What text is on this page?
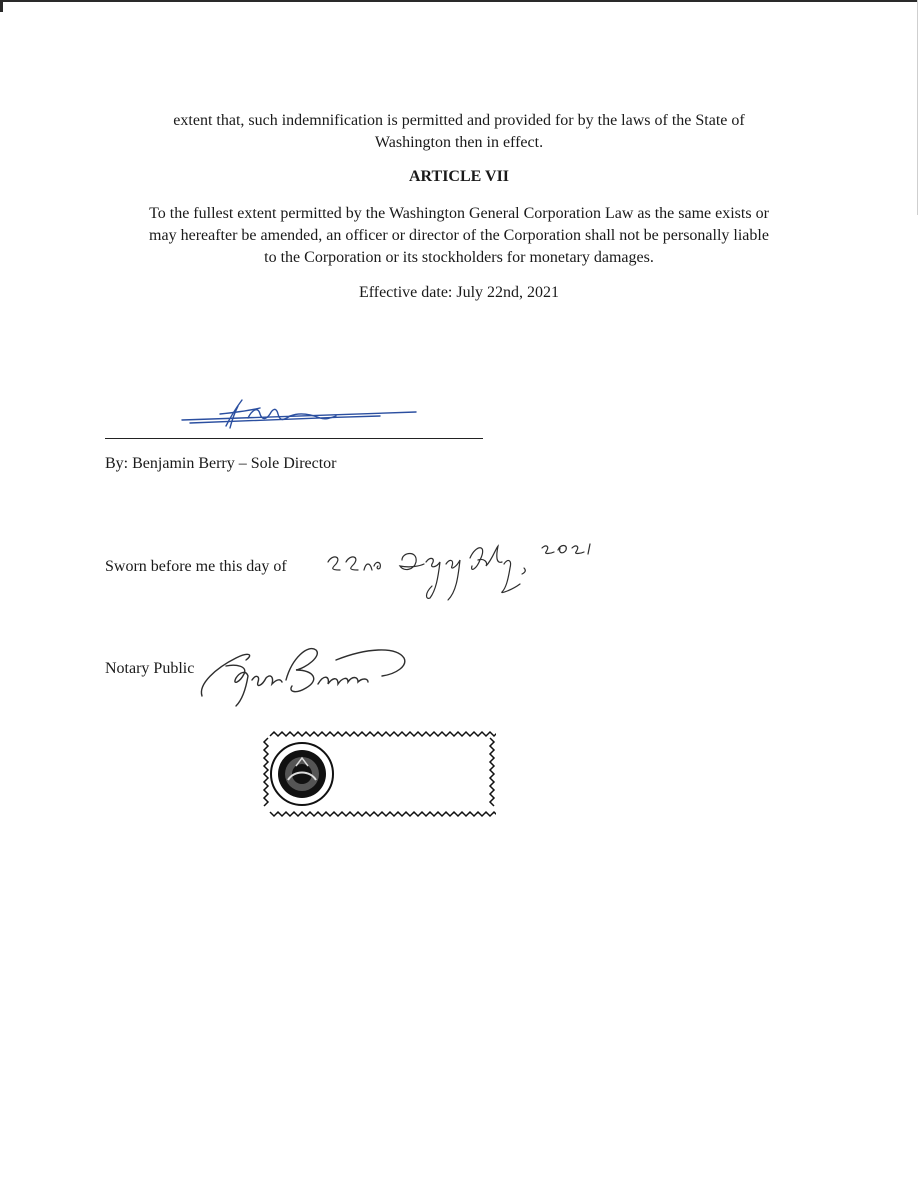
extent that, such indemnification is permitted and provided for by the laws of the State of
Washington then in effect.

ARTICLE VII

To the fullest extent permitted by the Washington General Corporation Law as the same exists or
may hereafter be amended, an officer or director of the Corporation shall not be personally liable
to the Corporation or its stockholders for monetary damages.

Effective date: July 22nd, 2021
By: Benjamin Berry – Sole Director
Sworn before me this day of
Notary Public
